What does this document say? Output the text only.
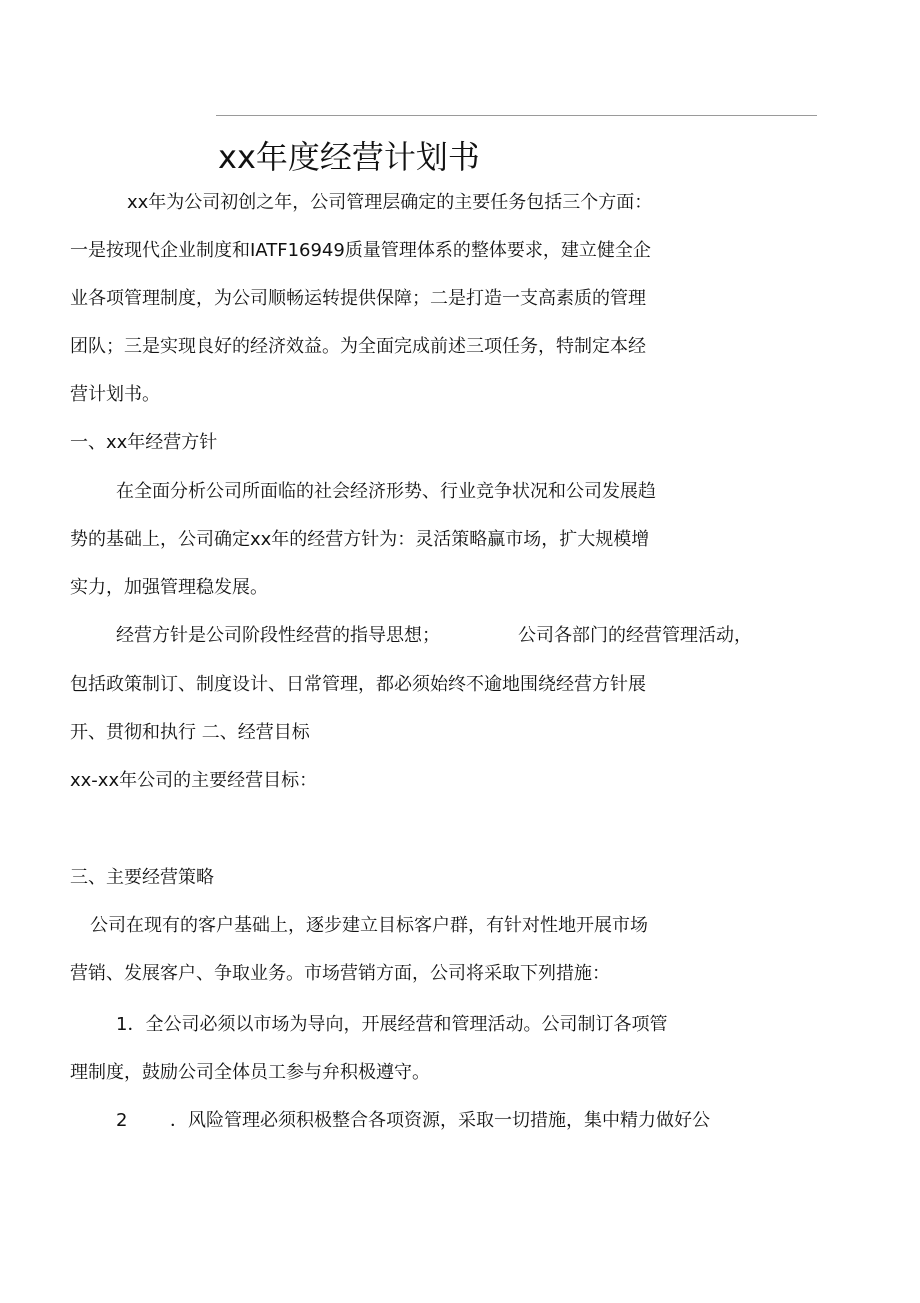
xx年度经营计划书
xx年为公司初创之年，公司管理层确定的主要任务包括三个方面：
一是按现代企业制度和IATF16949质量管理体系的整体要求，建立健全企
业各项管理制度，为公司顺畅运转提供保障；二是打造一支高素质的管理
团队；三是实现良好的经济效益。为全面完成前述三项任务，特制定本经
营计划书。
一、xx年经营方针
在全面分析公司所面临的社会经济形势、行业竞争状况和公司发展趋
势的基础上，公司确定xx年的经营方针为：灵活策略赢市场，扩大规模增
实力，加强管理稳发展。
经营方针是公司阶段性经营的指导思想；	公司各部门的经营管理活动，
包括政策制订、制度设计、日常管理，都必须始终不逾地围绕经营方针展
开、贯彻和执行 二、经营目标
xx-xx年公司的主要经营目标：
三、主要经营策略
公司在现有的客户基础上，逐步建立目标客户群，有针对性地开展市场
营销、发展客户、争取业务。市场营销方面，公司将采取下列措施：
1．全公司必须以市场为导向，开展经营和管理活动。公司制订各项管
理制度，鼓励公司全体员工参与弁积极遵守。
2 ．风险管理必须积极整合各项资源，采取一切措施，集中精力做好公
